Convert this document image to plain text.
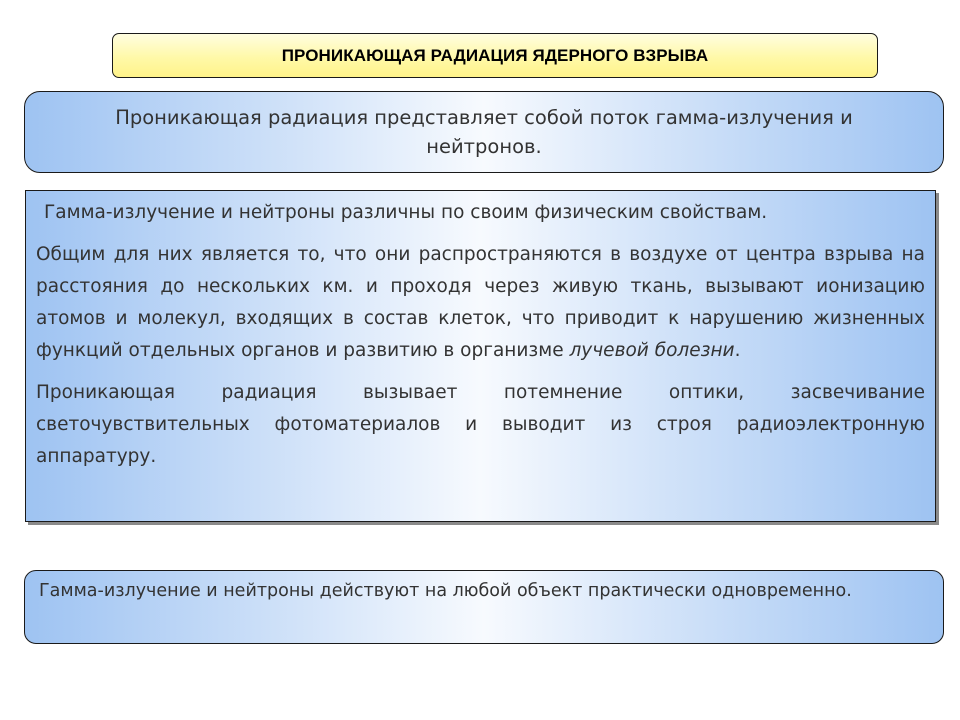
ПРОНИКАЮЩАЯ РАДИАЦИЯ ЯДЕРНОГО ВЗРЫВА
Проникающая радиация представляет собой поток гамма-излучения и нейтронов.

Гамма-излучение и нейтроны различны по своим физическим свойствам.

Общим для них является то, что они распространяются в воздухе от центра взрыва на расстояния до нескольких км. и проходя через живую ткань, вызывают ионизацию атомов и молекул, входящих в состав клеток, что приводит к нарушению жизненных функций отдельных органов и развитию в организме лучевой болезни.

Проникающая радиация вызывает потемнение оптики, засвечивание светочувствительных фотоматериалов и выводит из строя радиоэлектронную аппаратуру.

Гамма-излучение и нейтроны действуют на любой объект практически одновременно.
